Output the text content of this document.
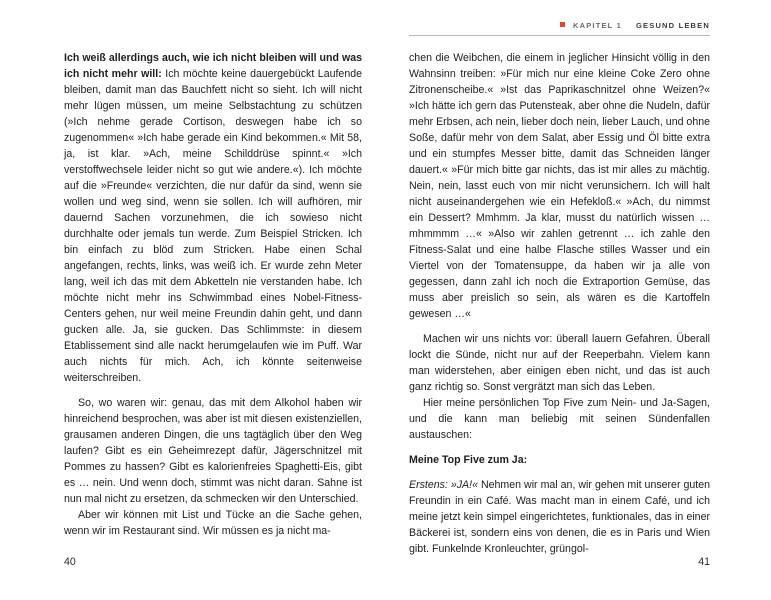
Ich weiß allerdings auch, wie ich nicht bleiben will und was ich nicht mehr will: Ich möchte keine dauergebückt Laufende bleiben, damit man das Bauchfett nicht so sieht. Ich will nicht mehr lügen müssen, um meine Selbstachtung zu schützen (»Ich nehme gerade Cortison, deswegen habe ich so zugenommen« »Ich habe gerade ein Kind bekommen.« Mit 58, ja, ist klar. »Ach, meine Schilddrüse spinnt.« »Ich verstoffwechsele leider nicht so gut wie andere.«). Ich möchte auf die »Freunde« verzichten, die nur dafür da sind, wenn sie wollen und weg sind, wenn sie sollen. Ich will aufhören, mir dauernd Sachen vorzunehmen, die ich sowieso nicht durchhalte oder jemals tun werde. Zum Beispiel Stricken. Ich bin einfach zu blöd zum Stricken. Habe einen Schal angefangen, rechts, links, was weiß ich. Er wurde zehn Meter lang, weil ich das mit dem Abketteln nie verstanden habe. Ich möchte nicht mehr ins Schwimmbad eines Nobel-Fitness-Centers gehen, nur weil meine Freundin dahin geht, und dann gucken alle. Ja, sie gucken. Das Schlimmste: in diesem Etablissement sind alle nackt herumgelaufen wie im Puff. War auch nichts für mich. Ach, ich könnte seitenweise weiterschreiben.

So, wo waren wir: genau, das mit dem Alkohol haben wir hinreichend besprochen, was aber ist mit diesen existenziellen, grausamen anderen Dingen, die uns tagtäglich über den Weg laufen? Gibt es ein Geheimrezept dafür, Jägerschnitzel mit Pommes zu hassen? Gibt es kalorienfreies Spaghetti-Eis, gibt es … nein. Und wenn doch, stimmt was nicht daran. Sahne ist nun mal nicht zu ersetzen, da schmecken wir den Unterschied.

Aber wir können mit List und Tücke an die Sache gehen, wenn wir im Restaurant sind. Wir müssen es ja nicht ma-

40
KAPITEL 1 GESUND LEBEN

chen die Weibchen, die einem in jeglicher Hinsicht völlig in den Wahnsinn treiben: »Für mich nur eine kleine Coke Zero ohne Zitronenscheibe.« »Ist das Paprikaschnitzel ohne Weizen?« »Ich hätte ich gern das Putensteak, aber ohne die Nudeln, dafür mehr Erbsen, ach nein, lieber doch nein, lieber Lauch, und ohne Soße, dafür mehr von dem Salat, aber Essig und Öl bitte extra und ein stumpfes Messer bitte, damit das Schneiden länger dauert.« »Für mich bitte gar nichts, das ist mir alles zu mächtig. Nein, nein, lasst euch von mir nicht verunsichern. Ich will halt nicht auseinandergehen wie ein Hefekloß.« »Ach, du nimmst ein Dessert? Mmhmm. Ja klar, musst du natürlich wissen … mhmmmm …« »Also wir zahlen getrennt … ich zahle den Fitness-Salat und eine halbe Flasche stilles Wasser und ein Viertel von der Tomatensuppe, da haben wir ja alle von gegessen, dann zahl ich noch die Extraportion Gemüse, das muss aber preislich so sein, als wären es die Kartoffeln gewesen …«

Machen wir uns nichts vor: überall lauern Gefahren. Überall lockt die Sünde, nicht nur auf der Reeperbahn. Vielem kann man widerstehen, aber einigen eben nicht, und das ist auch ganz richtig so. Sonst vergrätzt man sich das Leben.

Hier meine persönlichen Top Five zum Nein- und Ja-Sagen, und die kann man beliebig mit seinen Sündenfallen austauschen:

Meine Top Five zum Ja:

Erstens: »JA!« Nehmen wir mal an, wir gehen mit unserer guten Freundin in ein Café. Was macht man in einem Café, und ich meine jetzt kein simpel eingerichtetes, funktionales, das in einer Bäckerei ist, sondern eins von denen, die es in Paris und Wien gibt. Funkelnde Kronleuchter, grüngol-

41
